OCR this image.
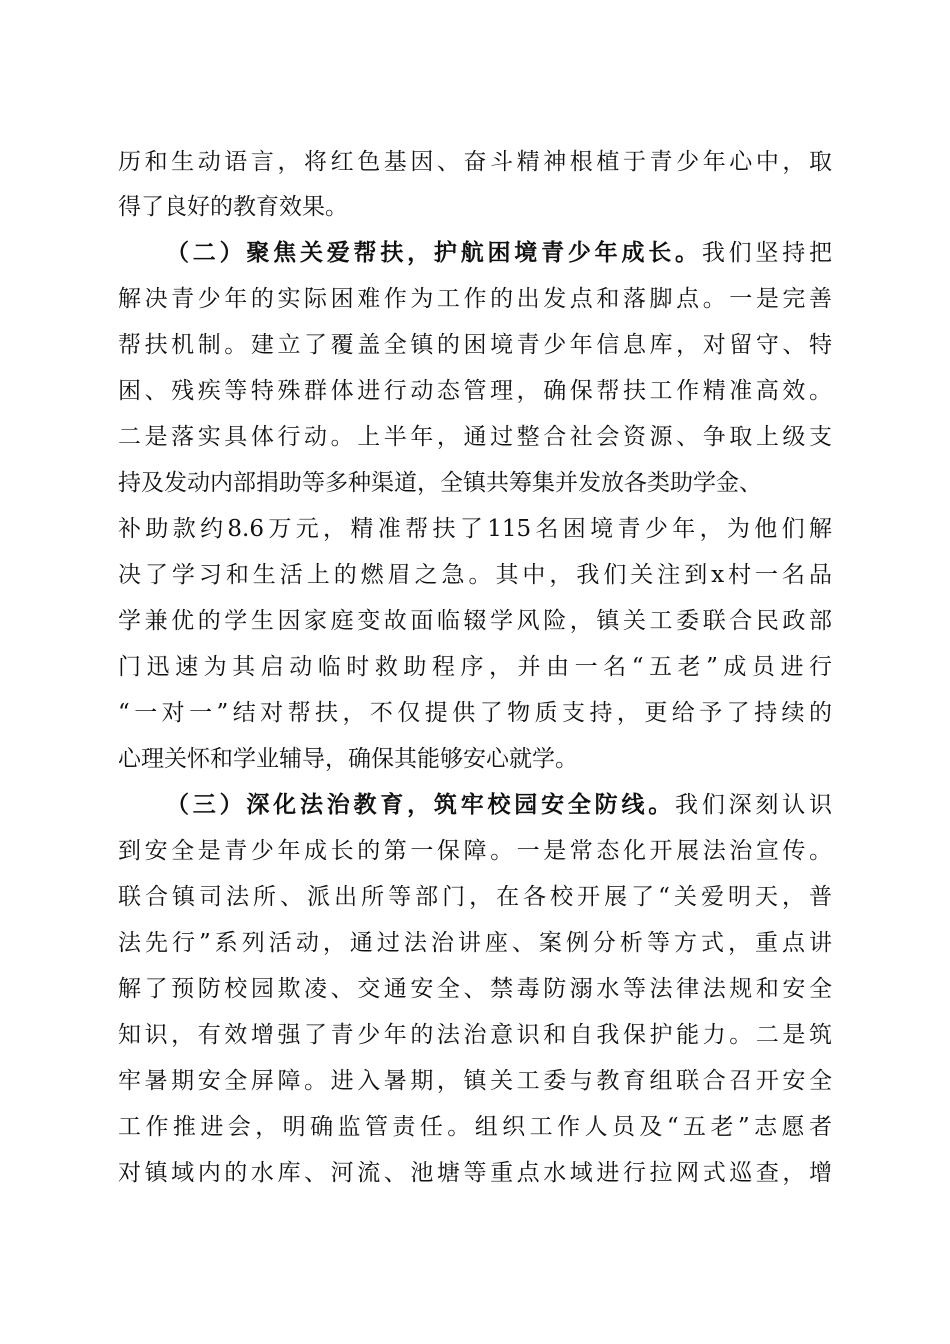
历和生动语言，将红色基因、奋斗精神根植于青少年心中，取
得了良好的教育效果。
（二）聚焦关爱帮扶，护航困境青少年成长。我们坚持把
解决青少年的实际困难作为工作的出发点和落脚点。一是完善
帮扶机制。建立了覆盖全镇的困境青少年信息库，对留守、特
困、残疾等特殊群体进行动态管理，确保帮扶工作精准高效。
二是落实具体行动。上半年，通过整合社会资源、争取上级支
持及发动内部捐助等多种渠道，全镇共筹集并发放各类助学金、
补助款约8.6万元，精准帮扶了115名困境青少年，为他们解
决了学习和生活上的燃眉之急。其中，我们关注到x村一名品
学兼优的学生因家庭变故面临辍学风险，镇关工委联合民政部
门迅速为其启动临时救助程序，并由一名“五老”成员进行
“一对一”结对帮扶，不仅提供了物质支持，更给予了持续的
心理关怀和学业辅导，确保其能够安心就学。
（三）深化法治教育，筑牢校园安全防线。我们深刻认识
到安全是青少年成长的第一保障。一是常态化开展法治宣传。
联合镇司法所、派出所等部门，在各校开展了“关爱明天，普
法先行”系列活动，通过法治讲座、案例分析等方式，重点讲
解了预防校园欺凌、交通安全、禁毒防溺水等法律法规和安全
知识，有效增强了青少年的法治意识和自我保护能力。二是筑
牢暑期安全屏障。进入暑期，镇关工委与教育组联合召开安全
工作推进会，明确监管责任。组织工作人员及“五老”志愿者
对镇域内的水库、河流、池塘等重点水域进行拉网式巡查，增
